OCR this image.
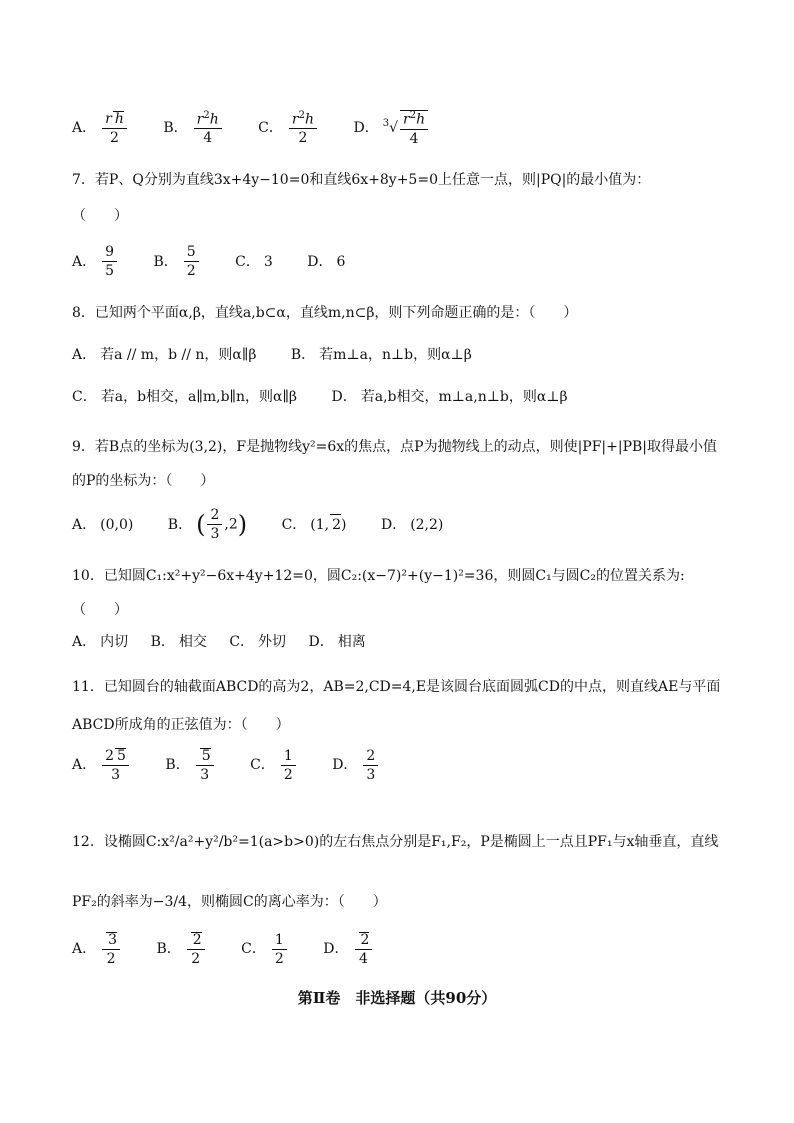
A． $\frac{\text{r h}}{2}$	B． $\frac{r^2h}{4}$	C． $\frac{r^2h}{2}$	D． $^3√ \frac{r^2h}{4}$
7．若P、Q分别为直线3x+4y−10=0和直线6x+8y+5=0上任意一点，则|PQ|的最小值为：
（　　）
A． $\frac{9}{5}$	B． $\frac{5}{2}$	C． 3 D． 6
8．已知两个平面α,β，直线a,b⊂α，直线m,n⊂β，则下列命题正确的是：（　　）
A． 若a // m，b // n，则α∥β B． 若m⊥a，n⊥b，则α⊥β
C． 若a，b相交，a∥m,b∥n，则α∥β D． 若a,b相交，m⊥a,n⊥b，则α⊥β
9．若B点的坐标为(3,2)，F是抛物线y²=6x的焦点，点P为抛物线上的动点，则使|PF|+|PB|取得最小值的P的坐标为：（　　）
A． (0,0) B． ( $\frac{2}{3} ,2$) C． (1, 2) D． (2,2)
10．已知圆C₁:x²+y²−6x+4y+12=0，圆C₂:(x−7)²+(y−1)²=36，则圆C₁与圆C₂的位置关系为:
（　　）
A． 内切 B． 相交 C． 外切 D． 相离
11．已知圆台的轴截面ABCD的高为2，AB=2,CD=4,E是该圆台底面圆弧CD的中点，则直线AE与平面ABCD所成角的正弦值为：（　　）
A． $\frac{2 5}{3}$	B． $\frac{5}{3}$	C． $\frac{1}{2}$	D． $\frac{2}{3}$
12．设椭圆C:x²/a²+y²/b²=1(a>b>0)的左右焦点分别是F₁,F₂，P是椭圆上一点且PF₁与x轴垂直，直线PF₂的斜率为−3/4，则椭圆C的离心率为：（　　）
A． $\frac{3}{2}$	B． $\frac{2}{2}$	C． $\frac{1}{2}$	D． $\frac{2}{4}$
第Ⅱ卷　非选择题（共90分）
